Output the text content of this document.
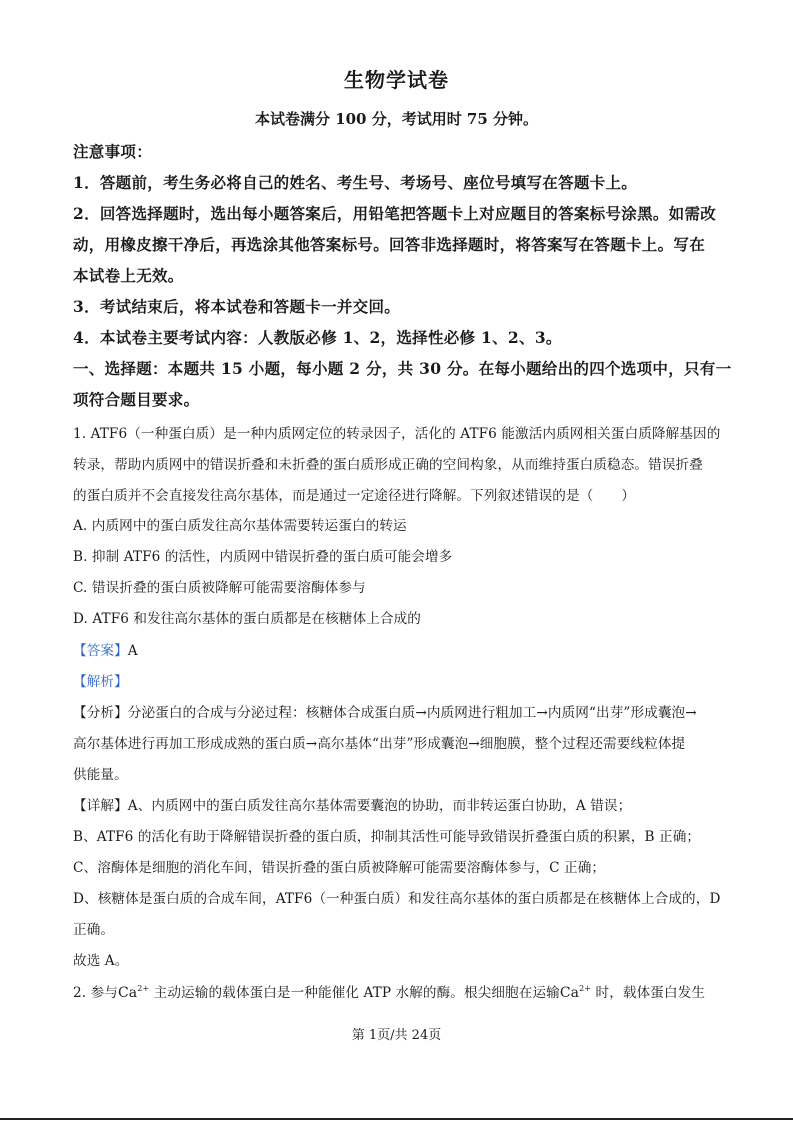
生物学试卷
本试卷满分 100 分，考试用时 75 分钟。
注意事项：
1．答题前，考生务必将自己的姓名、考生号、考场号、座位号填写在答题卡上。
2．回答选择题时，选出每小题答案后，用铅笔把答题卡上对应题目的答案标号涂黑。如需改
动，用橡皮擦干净后，再选涂其他答案标号。回答非选择题时，将答案写在答题卡上。写在
本试卷上无效。
3．考试结束后，将本试卷和答题卡一并交回。
4．本试卷主要考试内容：人教版必修 1、2，选择性必修 1、2、3。
一、选择题：本题共 15 小题，每小题 2 分，共 30 分。在每小题给出的四个选项中，只有一
项符合题目要求。
1. ATF6（一种蛋白质）是一种内质网定位的转录因子，活化的 ATF6 能激活内质网相关蛋白质降解基因的
转录，帮助内质网中的错误折叠和未折叠的蛋白质形成正确的空间构象，从而维持蛋白质稳态。错误折叠
的蛋白质并不会直接发往高尔基体，而是通过一定途径进行降解。下列叙述错误的是（ ）
A. 内质网中的蛋白质发往高尔基体需要转运蛋白的转运
B. 抑制 ATF6 的活性，内质网中错误折叠的蛋白质可能会增多
C. 错误折叠的蛋白质被降解可能需要溶酶体参与
D. ATF6 和发往高尔基体的蛋白质都是在核糖体上合成的
【答案】A
【解析】
【分析】分泌蛋白的合成与分泌过程：核糖体合成蛋白质→内质网进行粗加工→内质网“出芽”形成囊泡→
高尔基体进行再加工形成成熟的蛋白质→高尔基体“出芽”形成囊泡→细胞膜，整个过程还需要线粒体提
供能量。
【详解】A、内质网中的蛋白质发往高尔基体需要囊泡的协助，而非转运蛋白协助，A 错误；
B、ATF6 的活化有助于降解错误折叠的蛋白质，抑制其活性可能导致错误折叠蛋白质的积累，B 正确；
C、溶酶体是细胞的消化车间，错误折叠的蛋白质被降解可能需要溶酶体参与，C 正确；
D、核糖体是蛋白质的合成车间，ATF6（一种蛋白质）和发往高尔基体的蛋白质都是在核糖体上合成的，D
正确。
故选 A。
2. 参与$Ca^{2+}$ 主动运输的载体蛋白是一种能催化 ATP 水解的酶。根尖细胞在运输$Ca^{2+}$ 时，载体蛋白发生
第 1页/共 24页
